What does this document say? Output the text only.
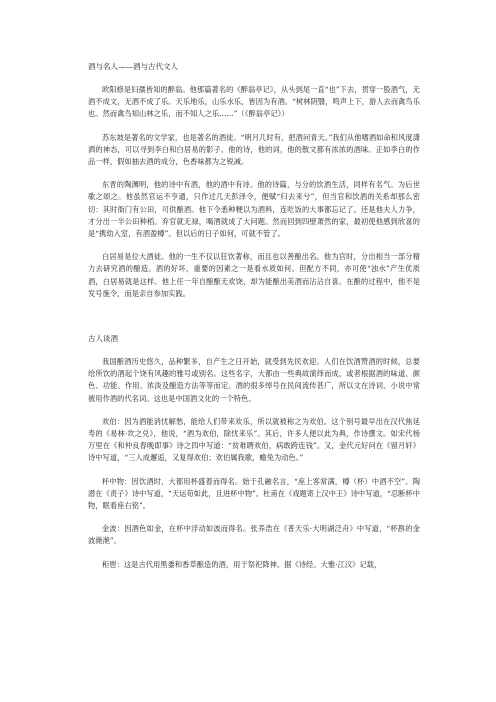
酒与名人——酒与古代文人

欧阳修是妇孺皆知的醉翁。他那篇著名的《醉翁亭记》，从头到尾一直“也”下去，贯穿一股酒气，无酒不成文，无酒不成了乐。天乐地乐，山乐水乐，皆因为有酒。“树林阴翳，鸣声上下，游人去而禽鸟乐也。然而禽鸟知山林之乐，而不知人之乐……”（《醉翁亭记》）

苏东坡是著名的文学家，也是著名的酒徒。“明月几时有，把酒问青天。”我们从他嗜酒如命和风度潇洒的神态，可以寻到李白和白居易的影子。他的诗，他的词，他的散文都有浓浓的酒味。正如李白的作品一样，假如抽去酒的成分，色香味都为之锐减。

东晋的陶渊明，他的诗中有酒，他的酒中有诗。他的诗篇，与分的饮酒生活，同样有名气。为后世歌之颂之。他虽然官运不亨通，只作过几天彭泽令，便赋“归去来兮”，但当官和饮酒的关系却那么密切：其时衙门有公田，可供酿酒。他下令悉种粳以为酒料，连吃饭的大事都忘记了。还是他夫人力争，才分出一半公田种稻。弃官就无禄，喝酒就成了大问题。然而回到四壁萧然的家，最初使他感到欣喜的是“携幼入室，有酒盈樽”。但以后的日子如何，可就不管了。

白居易是位大酒徒。他的一生不仅以狂饮著称，而且也以善酿出名。他为官时，分出相当一部分精力去研究酒的酿造。酒的好坏，重要的因素之一是看水质如何。但配方不同，亦可使“浊水”产生优质酒，白居易就是这样。他上任一年自酿酿无欢饶，却为能酿出美酒而沾沾自喜。在酿的过程中，他不是发号施令，而是亲自参加实践。

古人谈酒

我国酿酒历史悠久，品种繁多，自产生之日开始，就受到先民欢迎。人们在饮酒赞酒的时候，总要给所饮的酒起个饶有风趣的雅号或别名。这些名字，大都由一些典故演绎而成，或者根据酒的味道、颜色、功能、作用、浓淡及酿造方法等等而定。酒的很多绰号在民间流传甚广，所以文在诗词、小说中常被用作酒的代名词。这也是中国酒文化的一个特色。

欢伯：因为酒能消忧解愁，能给人们带来欢乐，所以就被称之为欢伯。这个别号最早出在汉代焦延寿的《易林·坎之兑》，他说，“酒为欢伯，除忧来乐”。其后，许多人便以此为典，作诗撰文。如宋代杨万里在《和仲良春晚即事》诗之四中写道：“贫难聘欢伯，病敢跨连钱”。又，金代元好问在《留月轩》诗中写道，“三人成邂逅，又复得欢伯；欢伯属我歌，蟾兔为动色。”

杯中物：因饮酒时，大都用杯盛着而得名。始于孔融名言，“座上客常满，樽（杯）中酒不空”。陶潜在《责子》诗中写道，“天运苟如此，且进杯中物”。杜甫在《戏题寄上汉中王》诗中写道，“忍断杯中物，眠看座右铭”。

金波：因酒色如金，在杯中浮动如波而得名。张养浩在《普天乐·大明湖泛舟》中写道，“杯斟的金波滟滟”。

秬鬯：这是古代用黑黍和香草酿造的酒，用于祭祀降神。据《诗经。大雅·江汉》记载，
